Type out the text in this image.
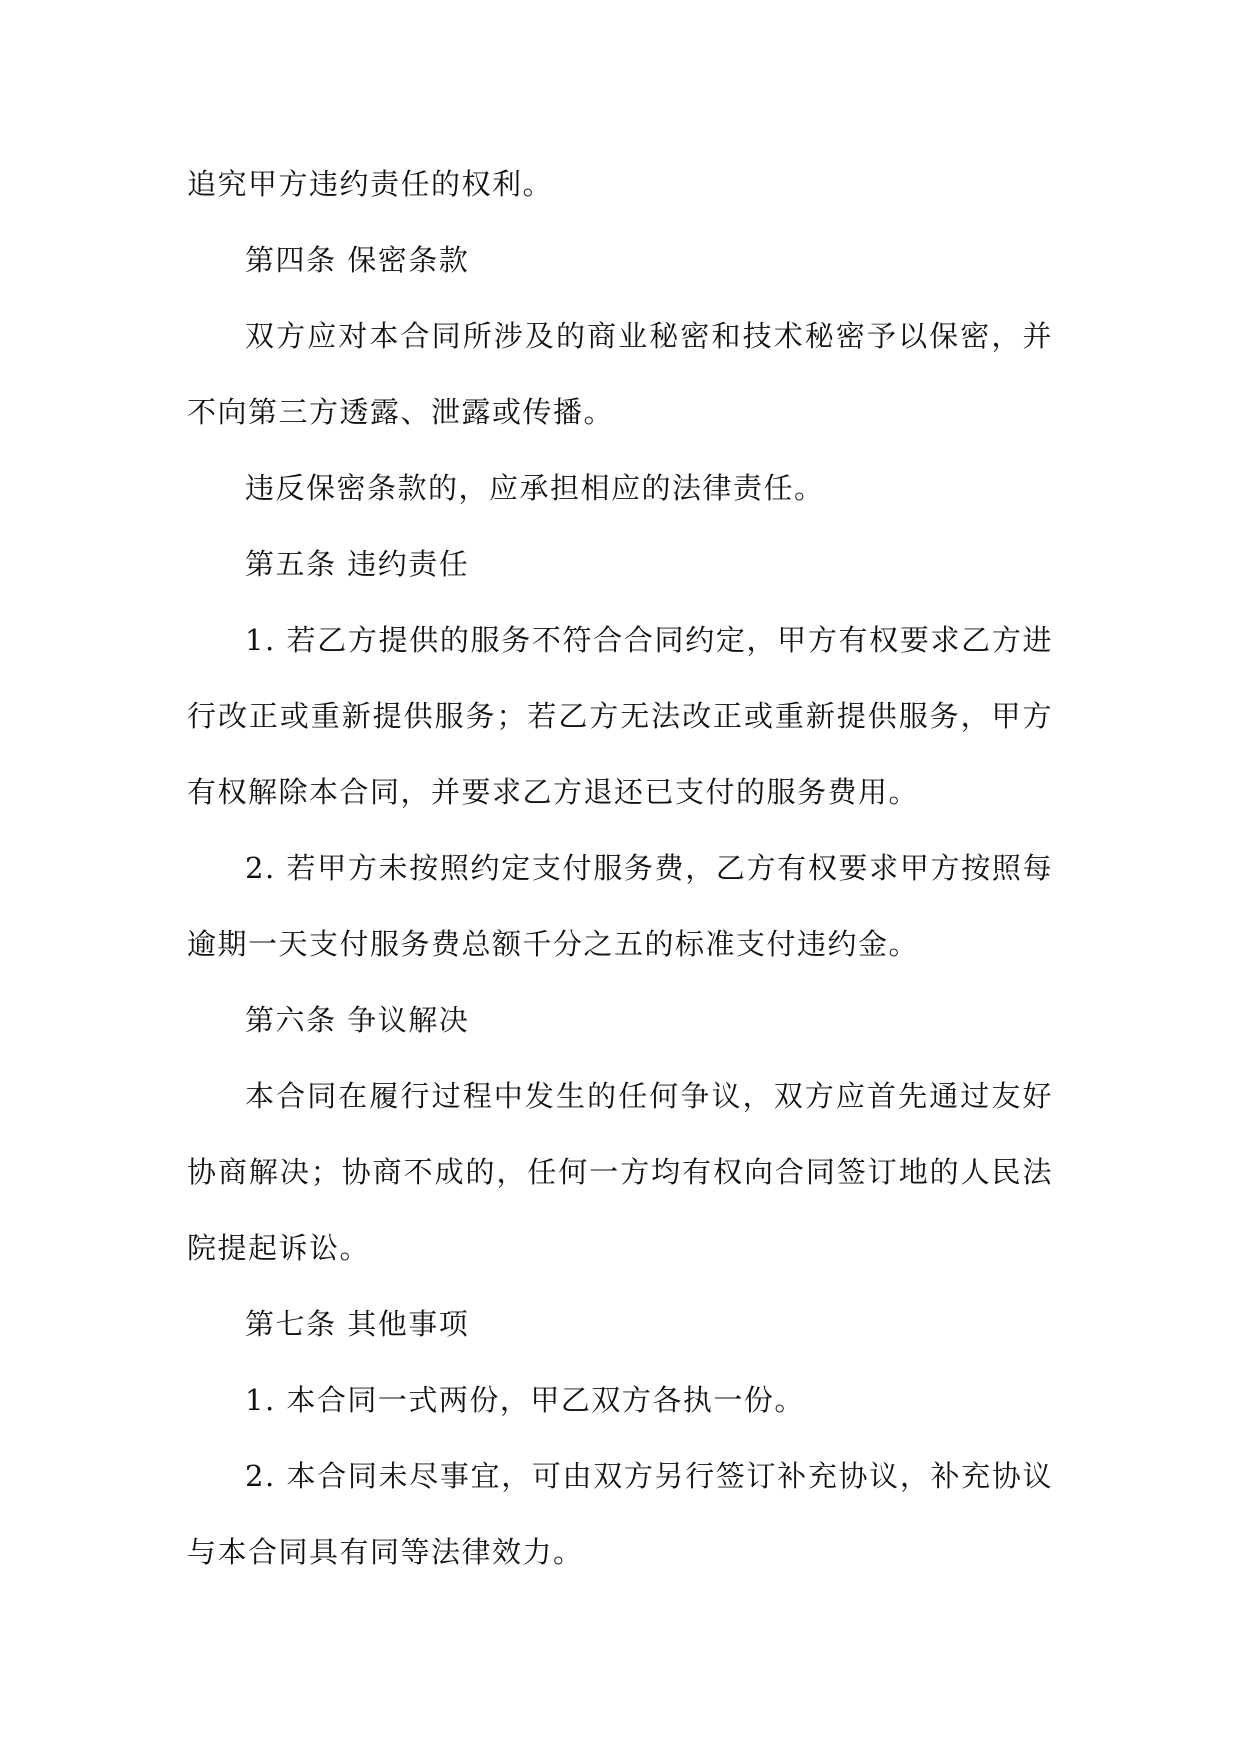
追究甲方违约责任的权利。

第四条 保密条款

双方应对本合同所涉及的商业秘密和技术秘密予以保密，并不向第三方透露、泄露或传播。

违反保密条款的，应承担相应的法律责任。

第五条 违约责任

1. 若乙方提供的服务不符合合同约定，甲方有权要求乙方进行改正或重新提供服务；若乙方无法改正或重新提供服务，甲方有权解除本合同，并要求乙方退还已支付的服务费用。

2. 若甲方未按照约定支付服务费，乙方有权要求甲方按照每逾期一天支付服务费总额千分之五的标准支付违约金。

第六条 争议解决

本合同在履行过程中发生的任何争议，双方应首先通过友好协商解决；协商不成的，任何一方均有权向合同签订地的人民法院提起诉讼。

第七条 其他事项

1. 本合同一式两份，甲乙双方各执一份。

2. 本合同未尽事宜，可由双方另行签订补充协议，补充协议与本合同具有同等法律效力。
